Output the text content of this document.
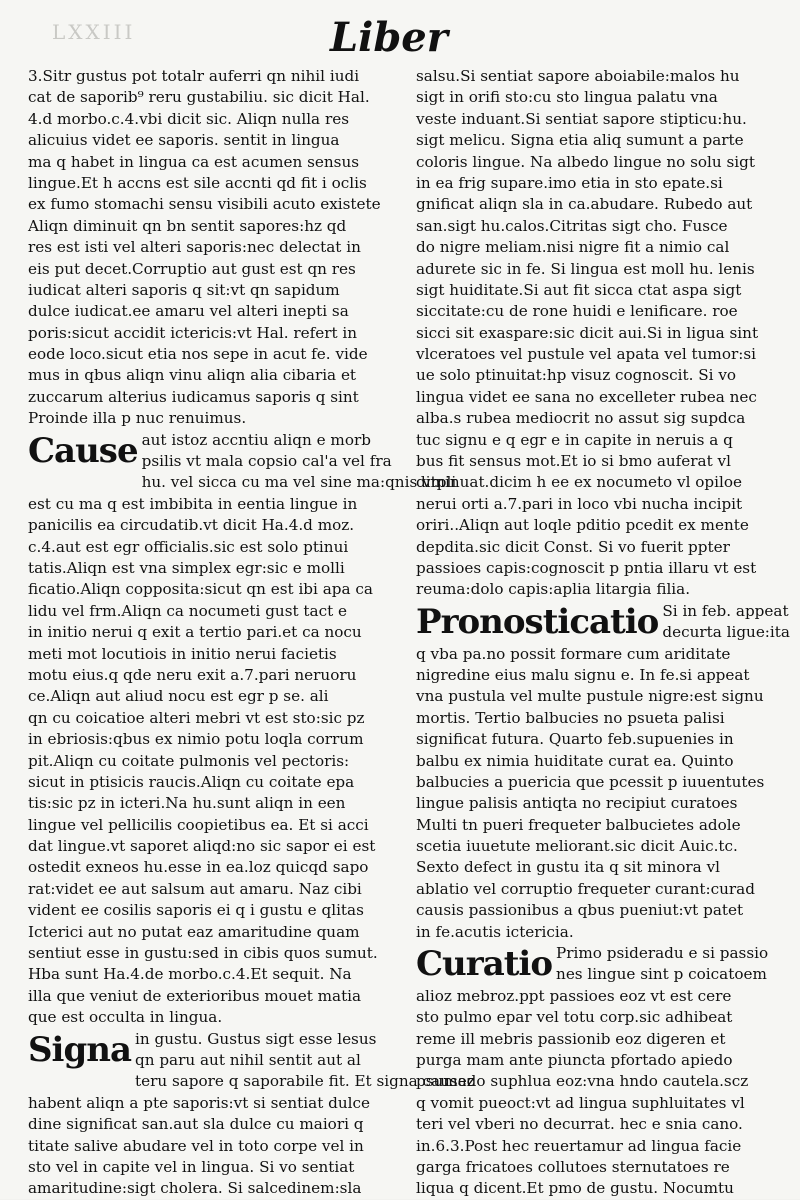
LXXIII	Liber
3.Sitr gustus pot totalr auferri qn nihil iudi
cat de saporib⁹ reru gustabiliu. sic dicit Hal.
4.d morbo.c.4.vbi dicit sic. Aliqn nulla res
alicuius videt ee saporis. sentit in lingua
ma q habet in lingua ca est acumen sensus
lingue.Et h accns est sile accnti qd fit i oclis
ex fumo stomachi sensu visibili acuto existete
Aliqn diminuit qn bn sentit sapores:hz qd
res est isti vel alteri saporis:nec delectat in
eis put decet.Corruptio aut gust est qn res
iudicat alteri saporis q sit:vt qn sapidum
dulce iudicat.ee amaru vel alteri inepti sa
poris:sicut accidit ictericis:vt Hal. refert in
eode loco.sicut etia nos sepe in acut fe. vide
mus in qbus aliqn vinu aliqn alia cibaria et
zuccarum alterius iudicamus saporis q sint
Proinde illa p nuc renuimus.
Cause aut istoz accntiu aliqn e morb
psilis vt mala copsio cal'a vel fra
hu. vel sicca cu ma vel sine ma:qnis vtpli
est cu ma q est imbibita in eentia lingue in
panicilis ea circudatib.vt dicit Ha.4.d moz.
c.4.aut est egr officialis.sic est solo ptinui
tatis.Aliqn est vna simplex egr:sic e molli
ficatio.Aliqn copposita:sicut qn est ibi apa ca
lidu vel frm.Aliqn ca nocumeti gust tact e
in initio nerui q exit a tertio pari.et ca nocu
meti mot locutiois in initio nerui facietis
motu eius.q qde neru exit a.7.pari neruoru
ce.Aliqn aut aliud nocu est egr p se. ali
qn cu coicatioe alteri mebri vt est sto:sic pz
in ebriosis:qbus ex nimio potu loqla corrum
pit.Aliqn cu coitate pulmonis vel pectoris:
sicut in ptisicis raucis.Aliqn cu coitate epa
tis:sic pz in icteri.Na hu.sunt aliqn in een
lingue vel pellicilis coopietibus ea. Et si acci
dat lingue.vt saporet aliqd:no sic sapor ei est
ostedit exneos hu.esse in ea.loz quicqd sapo
rat:videt ee aut salsum aut amaru. Naz cibi
vident ee cosilis saporis ei q i gustu e qlitas
Icterici aut no putat eaz amaritudine quam
sentiut esse in gustu:sed in cibis quos sumut.
Hba sunt Ha.4.de morbo.c.4.Et sequit. Na
illa que veniut de exterioribus mouet matia
que est occulta in lingua.
Signa in gustu. Gustus sigt esse lesus
qn paru aut nihil sentit aut al
teru sapore q saporabile fit. Et signa causaz
habent aliqn a pte saporis:vt si sentiat dulce
dine significat san.aut sla dulce cu maiori q
titate salive abudare vel in toto corpe vel in
sto vel in capite vel in lingua. Si vo sentiat
amaritudine:sigt cholera. Si salcedinem:sla
salsu.Si sentiat sapore aboiabile:malos hu
sigt in orifi sto:cu sto lingua palatu vna
veste induant.Si sentiat sapore stipticu:hu.
sigt melicu. Signa etia aliq sumunt a parte
coloris lingue. Na albedo lingue no solu sigt
in ea frig supare.imo etia in sto epate.si
gnificat aliqn sla in ca.abudare. Rubedo aut
san.sigt hu.calos.Citritas sigt cho. Fusce
do nigre meliam.nisi nigre fit a nimio cal
adurete sic in fe. Si lingua est moll hu. lenis
sigt huiditate.Si aut fit sicca ctat aspa sigt
siccitate:cu de rone huidi e lenificare. roe
sicci sit exaspare:sic dicit aui.Si in ligua sint
vlceratoes vel pustule vel apata vel tumor:si
ue solo ptinuitat:hp visuz cognoscit. Si vo
lingua videt ee sana no excelleter rubea nec
alba.s rubea mediocrit no assut sig supdca
tuc signu e q egr e in capite in neruis a q
bus fit sensus mot.Et io si bmo auferat vl
diminuat.dicim h ee ex nocumeto vl opiloe
nerui orti a.7.pari in loco vbi nucha incipit
oriri..Aliqn aut loqle pditio pcedit ex mente
depdita.sic dicit Const. Si vo fuerit ppter
passioes capis:cognoscit p pntia illaru vt est
reuma:dolo capis:aplia litargia filia.
Pronosticatio Si in feb. appeat
decurta ligue:ita
q vba pa.no possit formare cum ariditate
nigredine eius malu signu e. In fe.si appeat
vna pustula vel multe pustule nigre:est signu
mortis. Tertio balbucies no psueta palisi
significat futura. Quarto feb.supuenies in
balbu ex nimia huiditate curat ea. Quinto
balbucies a puericia que pcessit p iuuentutes
lingue palisis antiqta no recipiut curatoes
Multi tn pueri frequeter balbucietes adole
scetia iuuetute meliorant.sic dicit Auic.tc.
Sexto defect in gustu ita q sit minora vl
ablatio vel corruptio frequeter curant:curad
causis passionibus a qbus pueniut:vt patet
in fe.acutis ictericia.
Curatio Primo psideradu e si passio
nes lingue sint p coicatoem
alioz mebroz.ppt passioes eoz vt est cere
sto pulmo epar vel totu corp.sic adhibeat
reme ill mebris passionib eoz digeren et
purga mam ante piuncta pfortado apiedo
psumedo suphlua eoz:vna hndo cautela.scz
q vomit pueoct:vt ad lingua suphluitates vl
teri vel vberi no decurrat. hec e snia cano.
in.6.3.Post hec reuertamur ad lingua facie
garga fricatoes collutoes sternutatoes re
liqua q dicent.Et pmo de gustu. Nocumtu
